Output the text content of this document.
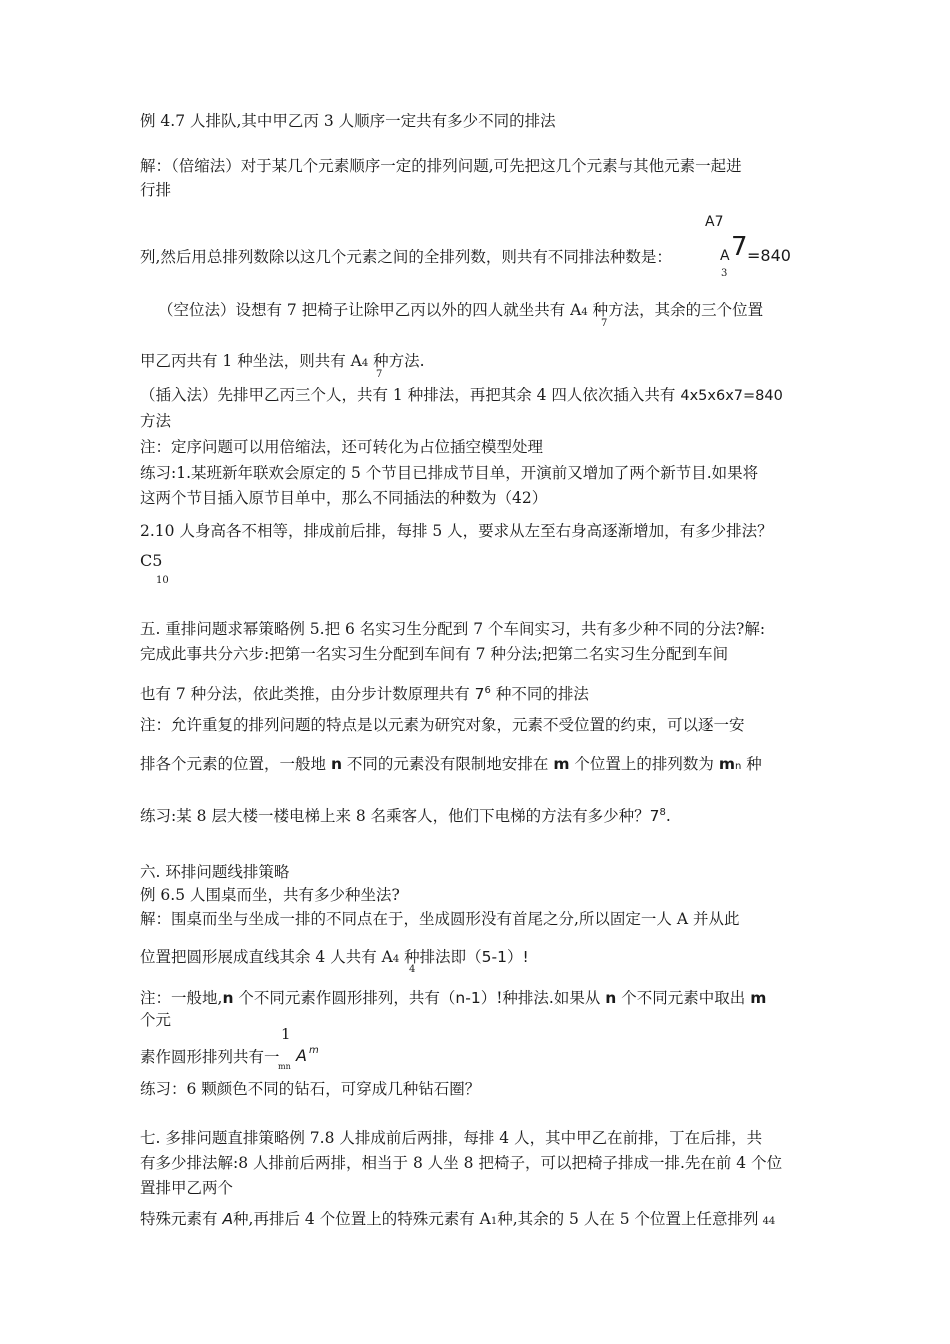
例 4.7 人排队,其中甲乙丙 3 人顺序一定共有多少不同的排法
解：（倍缩法）对于某几个元素顺序一定的排列问题,可先把这几个元素与其他元素一起进
行排
A7
列,然后用总排列数除以这几个元素之间的全排列数，则共有不同排法种数是：	A 7 =840
3
（空位法）设想有 7 把椅子让除甲乙丙以外的四人就坐共有 A4 种方法，其余的三个位置
7
甲乙丙共有 1 种坐法，则共有 A4 种方法.
7
（插入法）先排甲乙丙三个人，共有 1 种排法，再把其余 4 四人依次插入共有 4x5x6x7=840
方法
注：定序问题可以用倍缩法，还可转化为占位插空模型处理
练习:1.某班新年联欢会原定的 5 个节目已排成节目单，开演前又增加了两个新节目.如果将
这两个节目插入原节目单中，那么不同插法的种数为（42）
2.10 人身高各不相等，排成前后排，每排 5 人，要求从左至右身高逐渐增加，有多少排法？
C5
10
五. 重排问题求幂策略例 5.把 6 名实习生分配到 7 个车间实习，共有多少种不同的分法?解:
完成此事共分六步:把第一名实习生分配到车间有 7 种分法;把第二名实习生分配到车间
也有 7 种分法，依此类推，由分步计数原理共有 $7^6$ 种不同的排法
注：允许重复的排列问题的特点是以元素为研究对象，元素不受位置的约束，可以逐一安
排各个元素的位置，一般地 n 不同的元素没有限制地安排在 m 个位置上的排列数为 mn 种
练习:某 8 层大楼一楼电梯上来 8 名乘客人，他们下电梯的方法有多少种？$7^8$.
六. 环排问题线排策略
例 6.5 人围桌而坐，共有多少种坐法?
解：围桌而坐与坐成一排的不同点在于，坐成圆形没有首尾之分,所以固定一人 A 并从此
位置把圆形展成直线其余 4 人共有 A4 种排法即（5-1）!
4
注：一般地,n 个不同元素作圆形排列，共有（n-1）!种排法.如果从 n 个不同元素中取出 m
个元
1
素作圆形排列共有一
mn
A m
练习：6 颗颜色不同的钻石，可穿成几种钻石圈？
七. 多排问题直排策略例 7.8 人排成前后两排，每排 4 人，其中甲乙在前排，丁在后排，共
有多少排法解:8 人排前后两排，相当于 8 人坐 8 把椅子，可以把椅子排成一排.先在前 4 个位
置排甲乙两个
特殊元素有 A种,再排后 4 个位置上的特殊元素有 A1种,其余的 5 人在 5 个位置上任意排列 44
